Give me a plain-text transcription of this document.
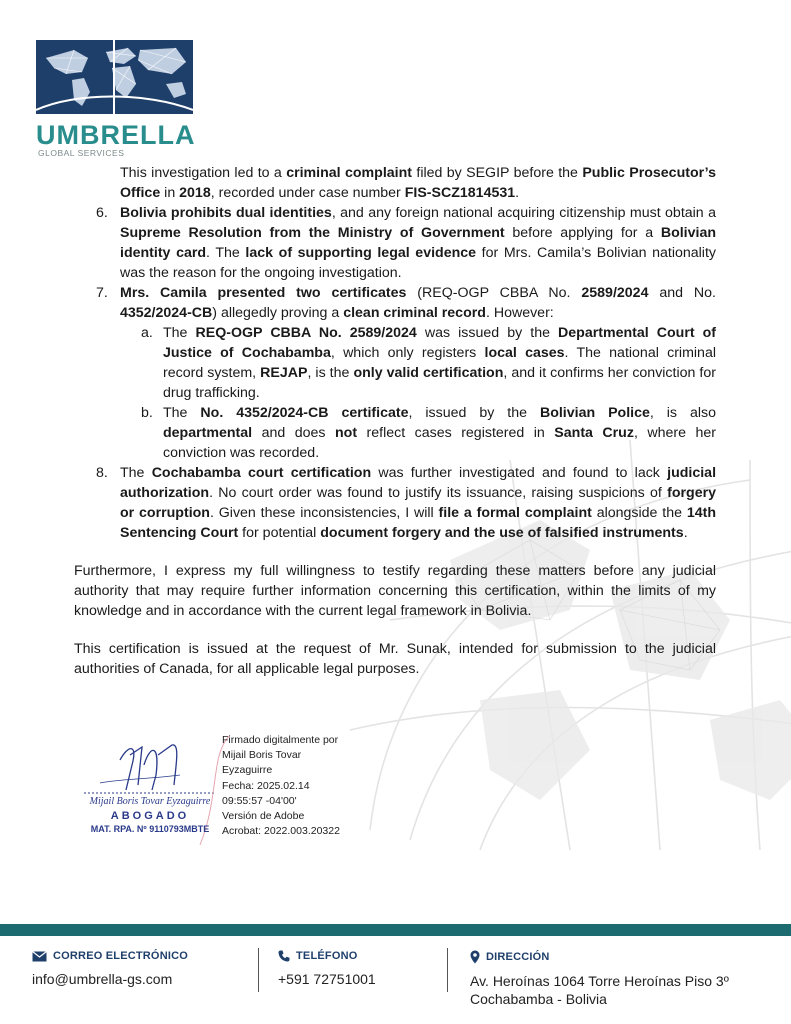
UMBRELLA
GLOBAL SERVICES

This investigation led to a criminal complaint filed by SEGIP before the Public Prosecutor’s Office in 2018, recorded under case number FIS-SCZ1814531.

6. Bolivia prohibits dual identities, and any foreign national acquiring citizenship must obtain a Supreme Resolution from the Ministry of Government before applying for a Bolivian identity card. The lack of supporting legal evidence for Mrs. Camila’s Bolivian nationality was the reason for the ongoing investigation.
7. Mrs. Camila presented two certificates (REQ-OGP CBBA No. 2589/2024 and No. 4352/2024-CB) allegedly proving a clean criminal record. However:
a. The REQ-OGP CBBA No. 2589/2024 was issued by the Departmental Court of Justice of Cochabamba, which only registers local cases. The national criminal record system, REJAP, is the only valid certification, and it confirms her conviction for drug trafficking.
b. The No. 4352/2024-CB certificate, issued by the Bolivian Police, is also departmental and does not reflect cases registered in Santa Cruz, where her conviction was recorded.
8. The Cochabamba court certification was further investigated and found to lack judicial authorization. No court order was found to justify its issuance, raising suspicions of forgery or corruption. Given these inconsistencies, I will file a formal complaint alongside the 14th Sentencing Court for potential document forgery and the use of falsified instruments.

Furthermore, I express my full willingness to testify regarding these matters before any judicial authority that may require further information concerning this certification, within the limits of my knowledge and in accordance with the current legal framework in Bolivia.

This certification is issued at the request of Mr. Sunak, intended for submission to the judicial authorities of Canada, for all applicable legal purposes.

Mijail Boris Tovar Eyzaguirre
ABOGADO
MAT. RPA. Nº 9110793MBTE
Firmado digitalmente por
Mijail Boris Tovar
Eyzaguirre
Fecha: 2025.02.14
09:55:57 -04'00'
Versión de Adobe
Acrobat: 2022.003.20322
CORREO ELECTRÓNICO
info@umbrella-gs.com
TELÉFONO
+591 72751001
DIRECCIÓN
Av. Heroínas 1064 Torre Heroínas Piso 3º
Cochabamba - Bolivia
